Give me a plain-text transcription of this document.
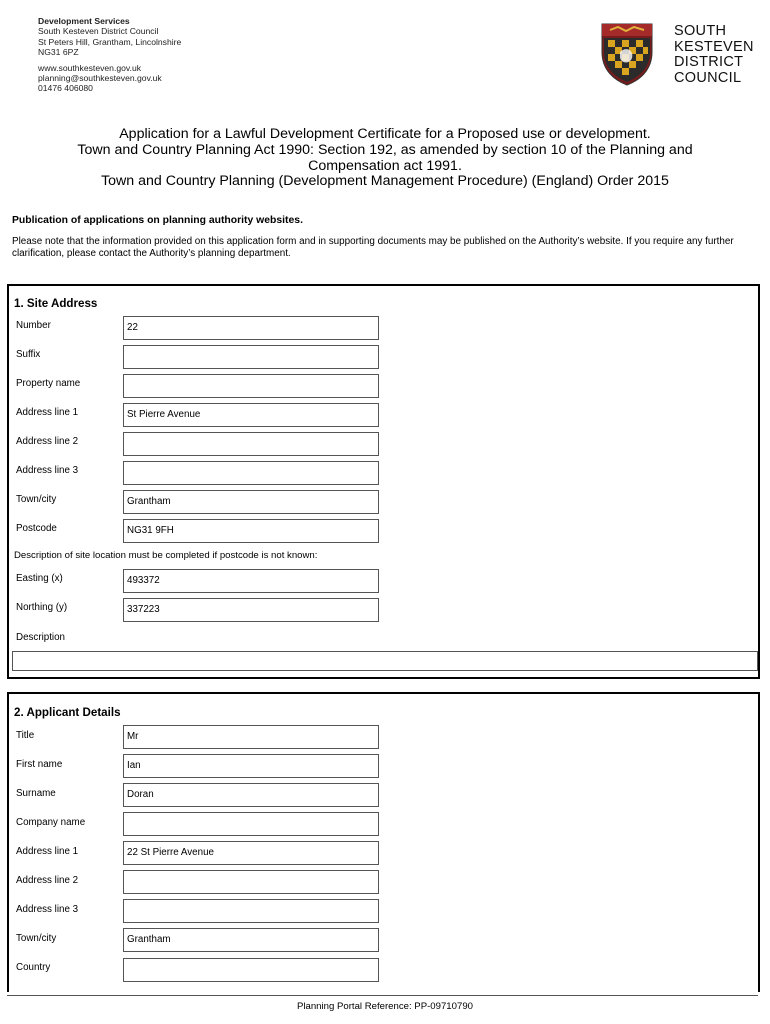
Development Services
South Kesteven District Council
St Peters Hill, Grantham, Lincolnshire
NG31 6PZ
www.southkesteven.gov.uk
planning@southkesteven.gov.uk
01476 406080
SOUTH
KESTEVEN
DISTRICT
COUNCIL
Application for a Lawful Development Certificate for a Proposed use or development.
Town and Country Planning Act 1990: Section 192, as amended by section 10 of the Planning and
Compensation act 1991.
Town and Country Planning (Development Management Procedure) (England) Order 2015
Publication of applications on planning authority websites.
Please note that the information provided on this application form and in supporting documents may be published on the Authority’s website. If you require any further clarification, please contact the Authority’s planning department.
1. Site Address
Number	22
Suffix
Property name
Address line 1	St Pierre Avenue
Address line 2
Address line 3
Town/city	Grantham
Postcode	NG31 9FH
Description of site location must be completed if postcode is not known:
Easting (x)	493372
Northing (y)	337223
Description
2. Applicant Details
Title	Mr
First name	Ian
Surname	Doran
Company name
Address line 1	22 St Pierre Avenue
Address line 2
Address line 3
Town/city	Grantham
Country
Planning Portal Reference: PP-09710790
